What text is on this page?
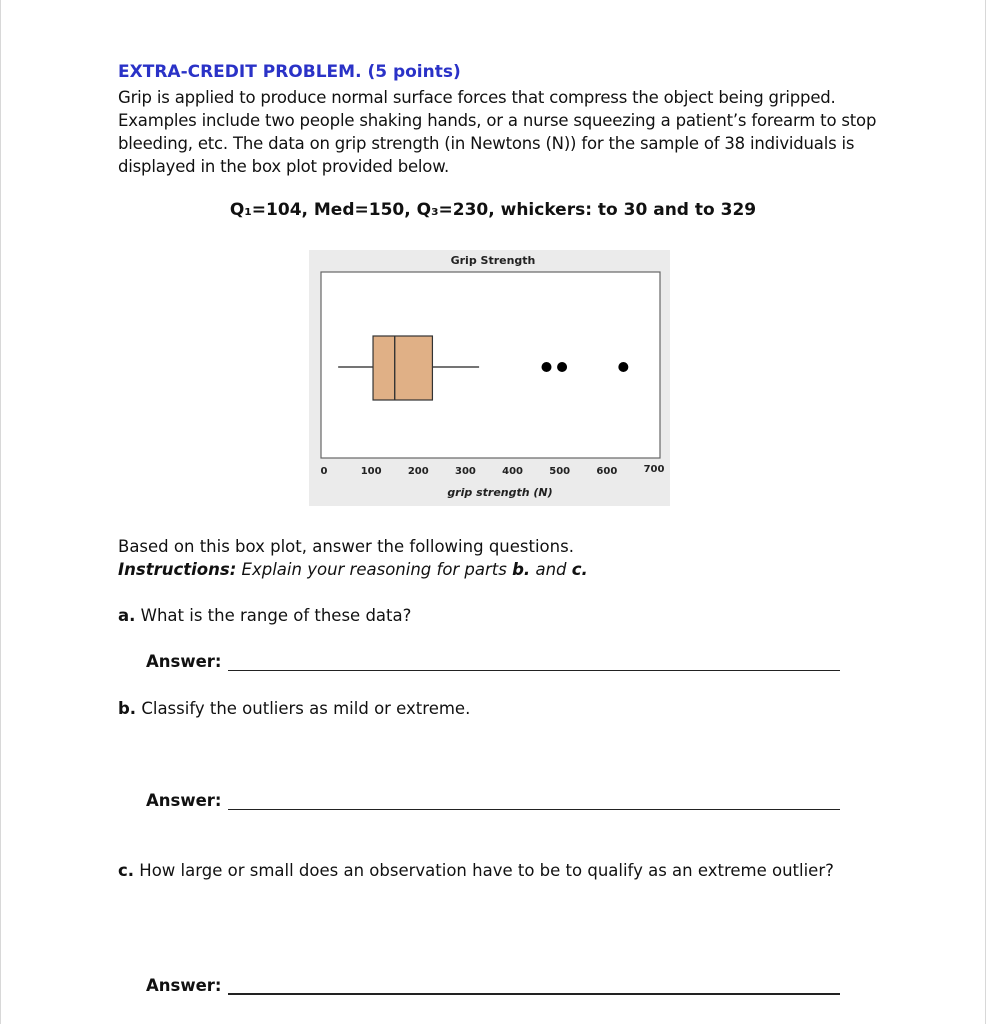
EXTRA-CREDIT PROBLEM. (5 points)
Grip is applied to produce normal surface forces that compress the object being gripped. Examples include two people shaking hands, or a nurse squeezing a patient’s forearm to stop bleeding, etc. The data on grip strength (in Newtons (N)) for the sample of 38 individuals is displayed in the box plot provided below.
Q₁=104, Med=150, Q₃=230, whickers: to 30 and to 329
Grip Strength
0	100	200	300	400	500	600	700
grip strength (N)
Based on this box plot, answer the following questions.
Instructions: Explain your reasoning for parts b. and c.
a. What is the range of these data?
Answer:
b. Classify the outliers as mild or extreme.
Answer:
c. How large or small does an observation have to be to qualify as an extreme outlier?
Answer:
